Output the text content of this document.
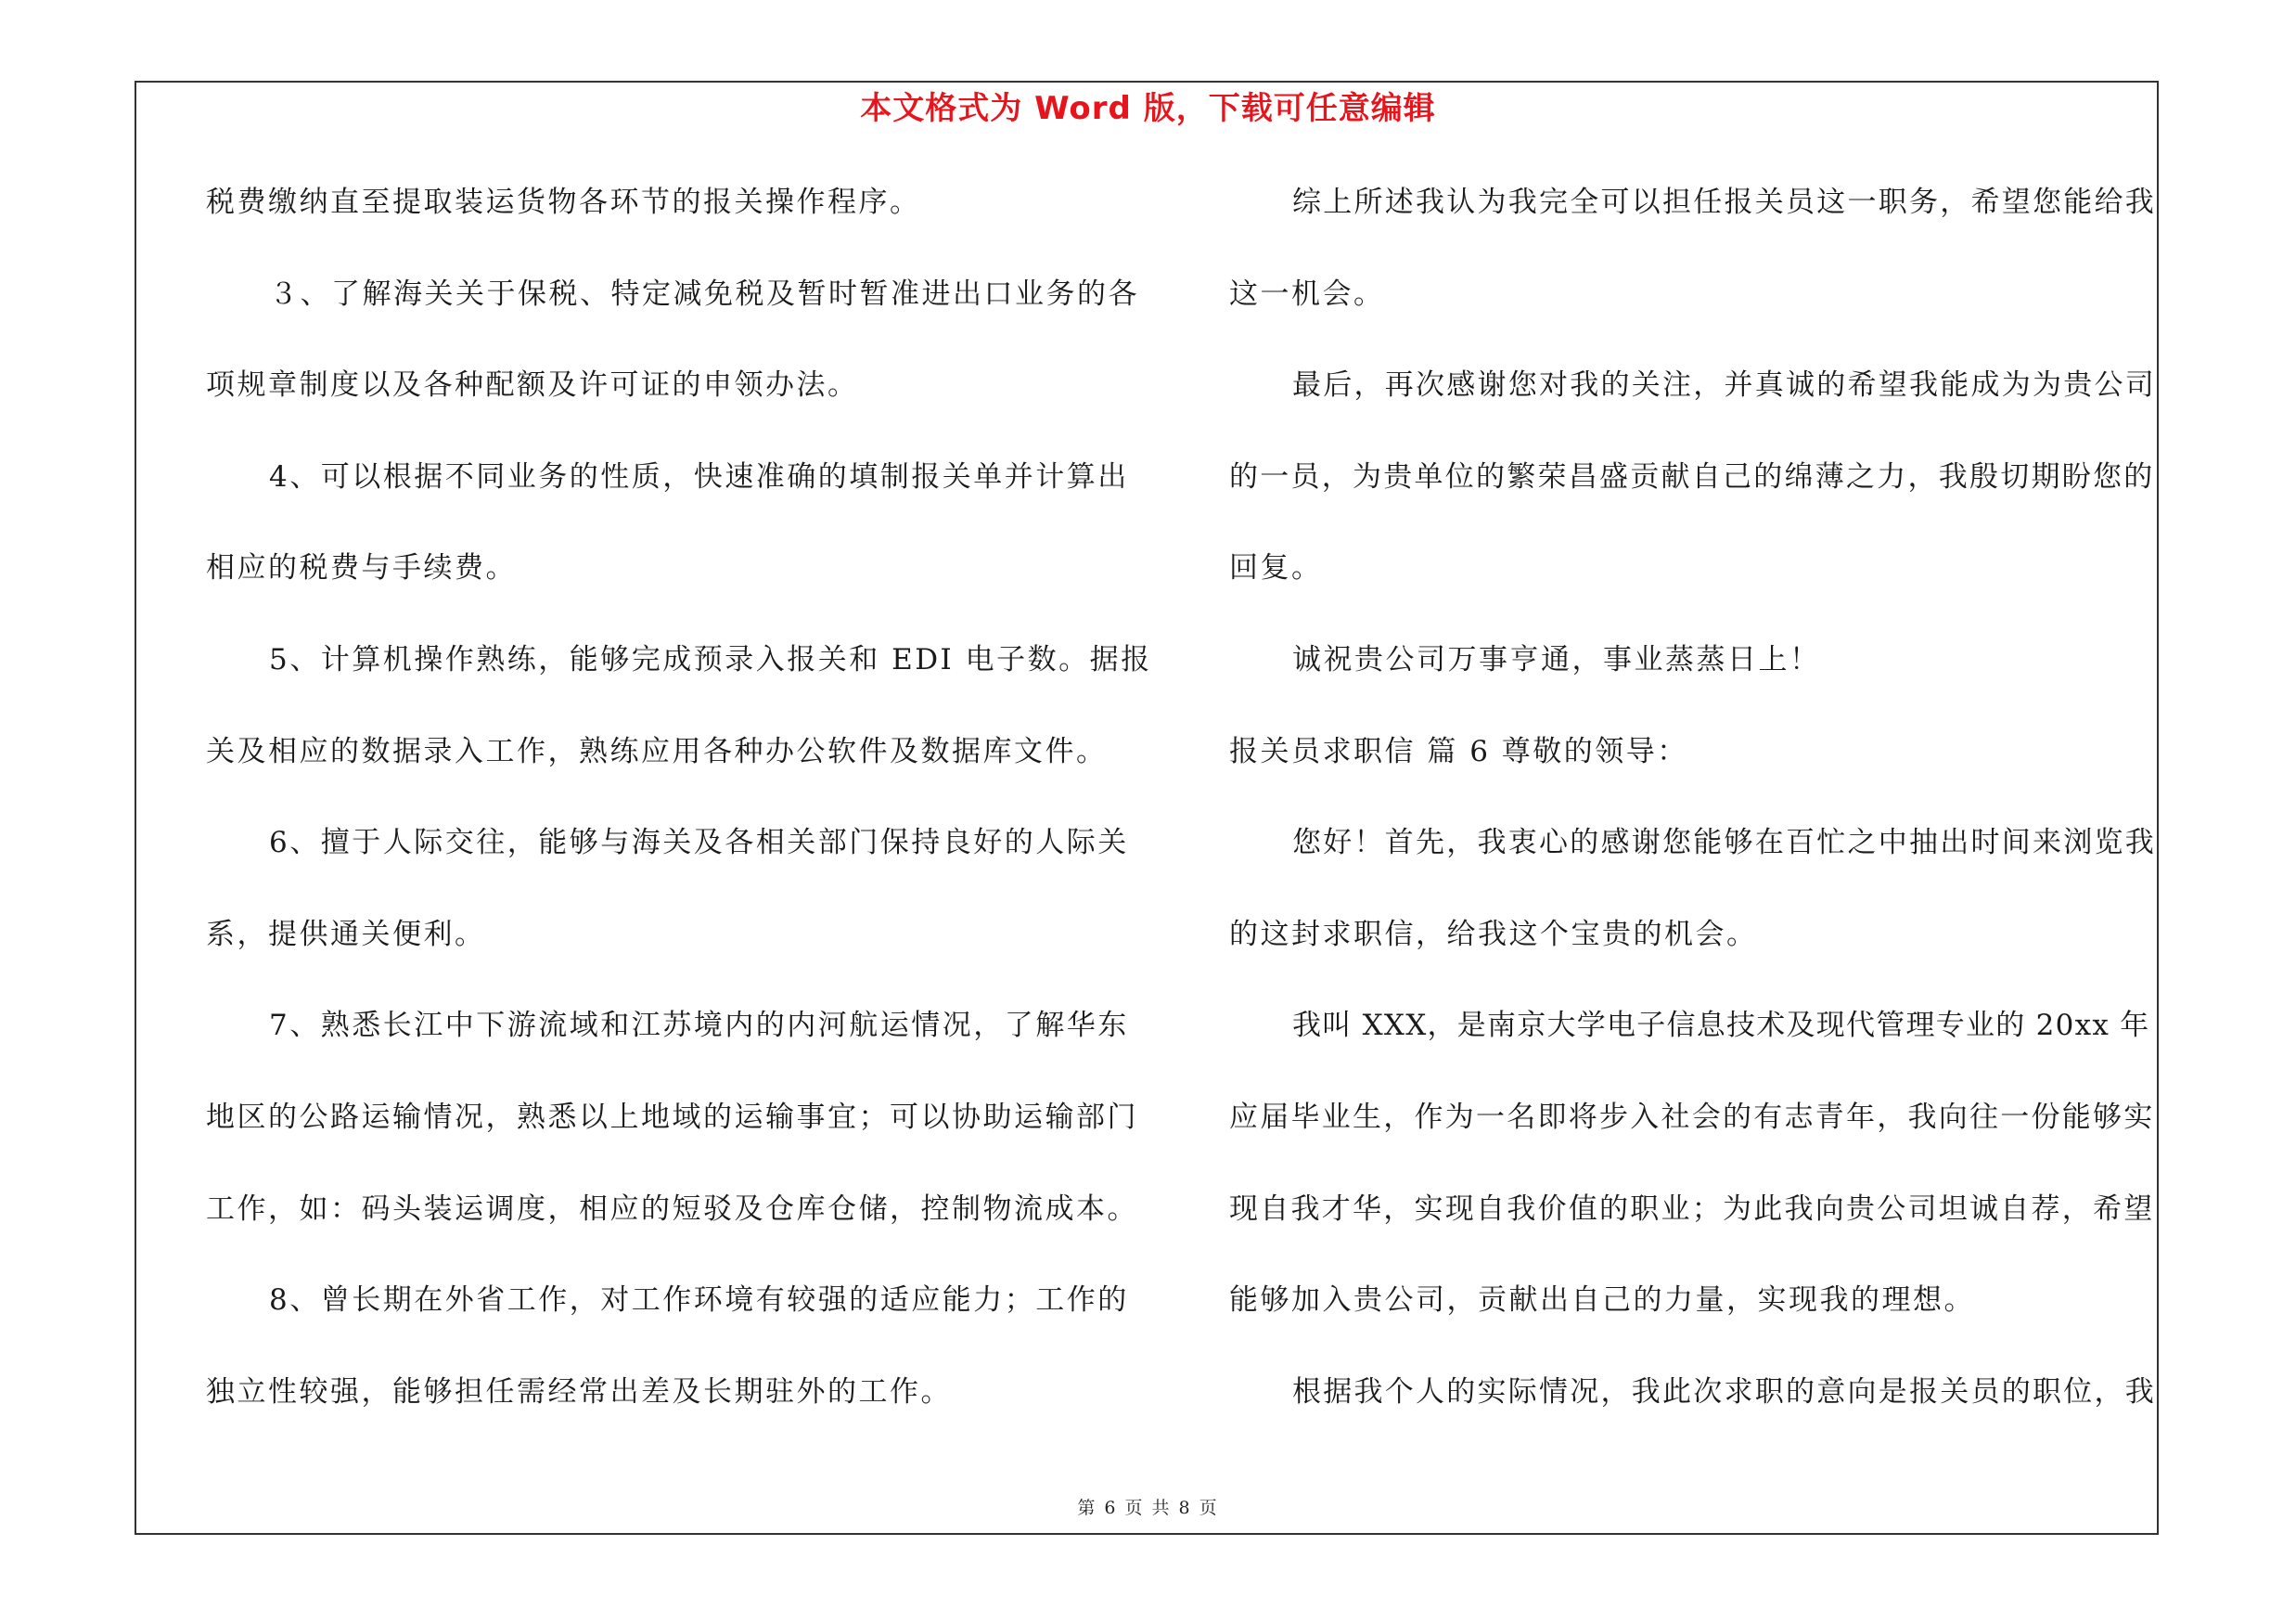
本文格式为 Word 版，下载可任意编辑
税费缴纳直至提取装运货物各环节的报关操作程序。
３、了解海关关于保税、特定减免税及暂时暂准进出口业务的各
项规章制度以及各种配额及许可证的申领办法。
4、可以根据不同业务的性质，快速准确的填制报关单并计算出
相应的税费与手续费。
5、计算机操作熟练，能够完成预录入报关和 EDI 电子数。据报
关及相应的数据录入工作，熟练应用各种办公软件及数据库文件。
6、擅于人际交往，能够与海关及各相关部门保持良好的人际关
系，提供通关便利。
7、熟悉长江中下游流域和江苏境内的内河航运情况，了解华东
地区的公路运输情况，熟悉以上地域的运输事宜；可以协助运输部门
工作，如：码头装运调度，相应的短驳及仓库仓储，控制物流成本。
8、曾长期在外省工作，对工作环境有较强的适应能力；工作的
独立性较强，能够担任需经常出差及长期驻外的工作。
综上所述我认为我完全可以担任报关员这一职务，希望您能给我
这一机会。
最后，再次感谢您对我的关注，并真诚的希望我能成为为贵公司
的一员，为贵单位的繁荣昌盛贡献自己的绵薄之力，我殷切期盼您的
回复。
诚祝贵公司万事亨通，事业蒸蒸日上！
报关员求职信 篇 6 尊敬的领导：
您好！首先，我衷心的感谢您能够在百忙之中抽出时间来浏览我
的这封求职信，给我这个宝贵的机会。
我叫 XXX，是南京大学电子信息技术及现代管理专业的 20xx 年
应届毕业生，作为一名即将步入社会的有志青年，我向往一份能够实
现自我才华，实现自我价值的职业；为此我向贵公司坦诚自荐，希望
能够加入贵公司，贡献出自己的力量，实现我的理想。
根据我个人的实际情况，我此次求职的意向是报关员的职位，我
第 6 页 共 8 页
